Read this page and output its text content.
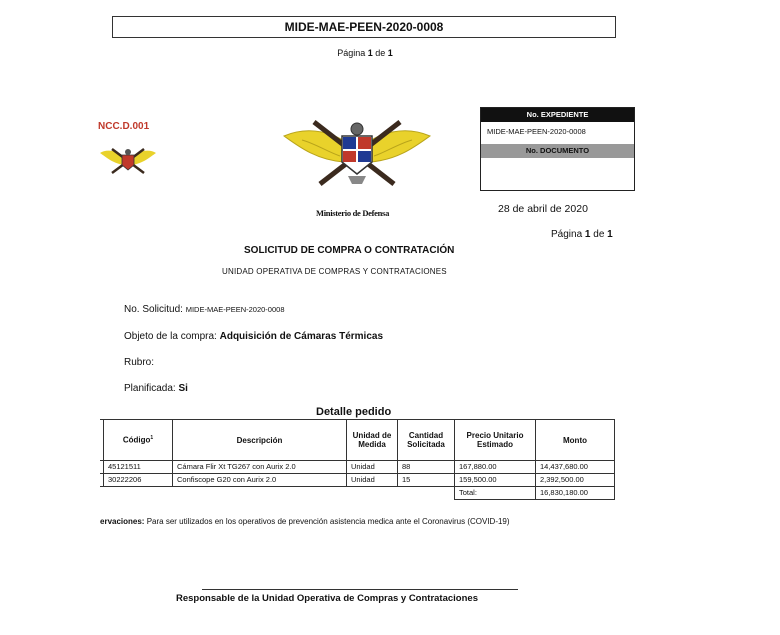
MIDE-MAE-PEEN-2020-0008
Página 1 de 1
NCC.D.001
Ministerio de Defensa
No. EXPEDIENTE
MIDE-MAE-PEEN-2020-0008
No. DOCUMENTO
28 de abril de 2020
Página 1 de 1
SOLICITUD DE COMPRA O CONTRATACIÓN
UNIDAD OPERATIVA DE COMPRAS Y CONTRATACIONES
No. Solicitud: MIDE-MAE-PEEN-2020-0008
Objeto de la compra: Adquisición de Cámaras Térmicas
Rubro:
Planificada: Si
Detalle pedido
	Código$^1$	Descripción	Unidad de Medida	Cantidad Solicitada	Precio Unitario Estimado	Monto
	45121511	Cámara Flir Xt TG267 con Aurix 2.0	Unidad	88	167,880.00	14,437,680.00
	30222206	Confiscope G20 con Aurix 2.0	Unidad	15	159,500.00	2,392,500.00
					Total:	16,830,180.00
ervaciones: Para ser utilizados en los operativos de prevención asistencia medica ante el Coronavirus (COVID-19)
Responsable de la Unidad Operativa de Compras y Contrataciones
